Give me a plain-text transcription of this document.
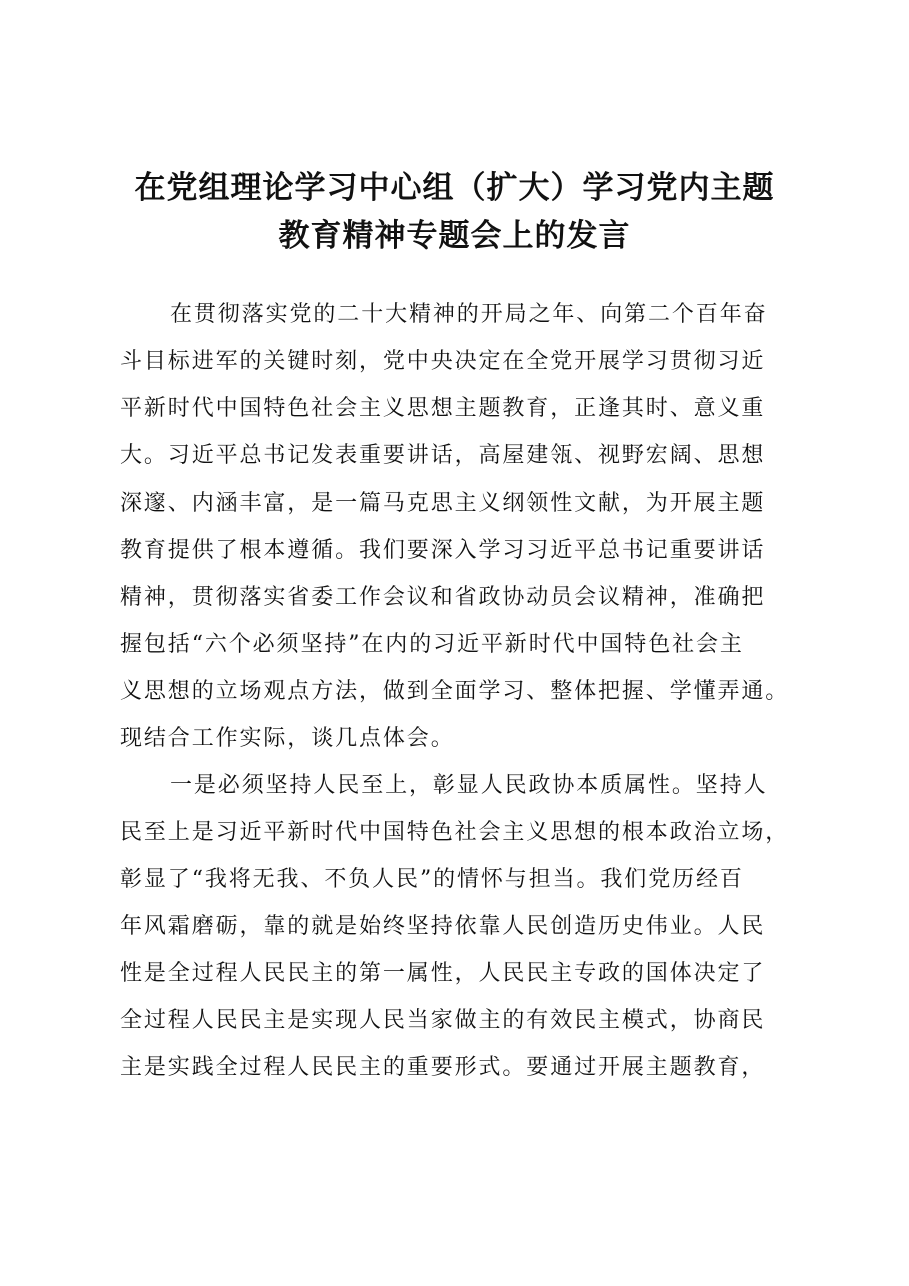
在党组理论学习中心组（扩大）学习党内主题
教育精神专题会上的发言
在贯彻落实党的二十大精神的开局之年、向第二个百年奋
斗目标进军的关键时刻，党中央决定在全党开展学习贯彻习近
平新时代中国特色社会主义思想主题教育，正逢其时、意义重
大。习近平总书记发表重要讲话，高屋建瓴、视野宏阔、思想
深邃、内涵丰富，是一篇马克思主义纲领性文献，为开展主题
教育提供了根本遵循。我们要深入学习习近平总书记重要讲话
精神，贯彻落实省委工作会议和省政协动员会议精神，准确把
握包括“六个必须坚持”在内的习近平新时代中国特色社会主
义思想的立场观点方法，做到全面学习、整体把握、学懂弄通。
现结合工作实际，谈几点体会。
一是必须坚持人民至上，彰显人民政协本质属性。坚持人
民至上是习近平新时代中国特色社会主义思想的根本政治立场，
彰显了“我将无我、不负人民”的情怀与担当。我们党历经百
年风霜磨砺，靠的就是始终坚持依靠人民创造历史伟业。人民
性是全过程人民民主的第一属性，人民民主专政的国体决定了
全过程人民民主是实现人民当家做主的有效民主模式，协商民
主是实践全过程人民民主的重要形式。要通过开展主题教育，
